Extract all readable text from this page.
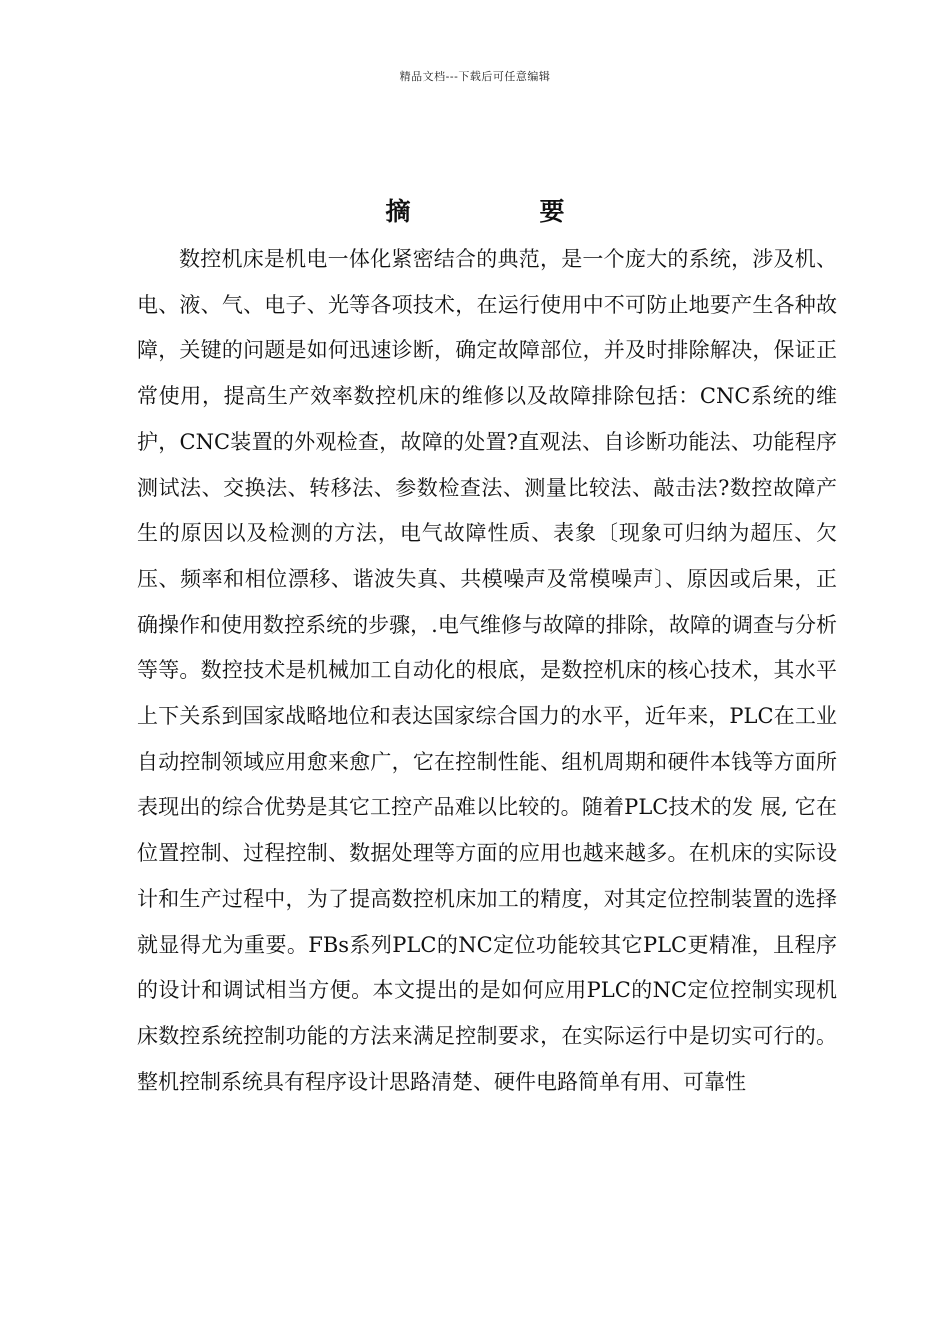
精品文档---下载后可任意编辑
摘　要

数控机床是机电一体化紧密结合的典范，是一个庞大的系统，涉及机、电、液、气、电子、光等各项技术，在运行使用中不可防止地要产生各种故障，关键的问题是如何迅速诊断，确定故障部位，并及时排除解决，保证正常使用，提高生产效率数控机床的维修以及故障排除包括：CNC系统的维护，CNC装置的外观检查，故障的处置?直观法、自诊断功能法、功能程序测试法、交换法、转移法、参数检查法、测量比较法、敲击法?数控故障产生的原因以及检测的方法，电气故障性质、表象〔现象可归纳为超压、欠压、频率和相位漂移、谐波失真、共模噪声及常模噪声〕、原因或后果，正确操作和使用数控系统的步骤，.电气维修与故障的排除，故障的调查与分析等等。数控技术是机械加工自动化的根底，是数控机床的核心技术，其水平上下关系到国家战略地位和表达国家综合国力的水平，近年来，PLC在工业自动控制领域应用愈来愈广，它在控制性能、组机周期和硬件本钱等方面所表现出的综合优势是其它工控产品难以比较的。随着PLC技术的发 展, 它在位置控制、过程控制、数据处理等方面的应用也越来越多。在机床的实际设计和生产过程中，为了提高数控机床加工的精度，对其定位控制装置的选择就显得尤为重要。FBs系列PLC的NC定位功能较其它PLC更精准，且程序的设计和调试相当方便。本文提出的是如何应用PLC的NC定位控制实现机床数控系统控制功能的方法来满足控制要求，在实际运行中是切实可行的。整机控制系统具有程序设计思路清楚、硬件电路简单有用、可靠性
